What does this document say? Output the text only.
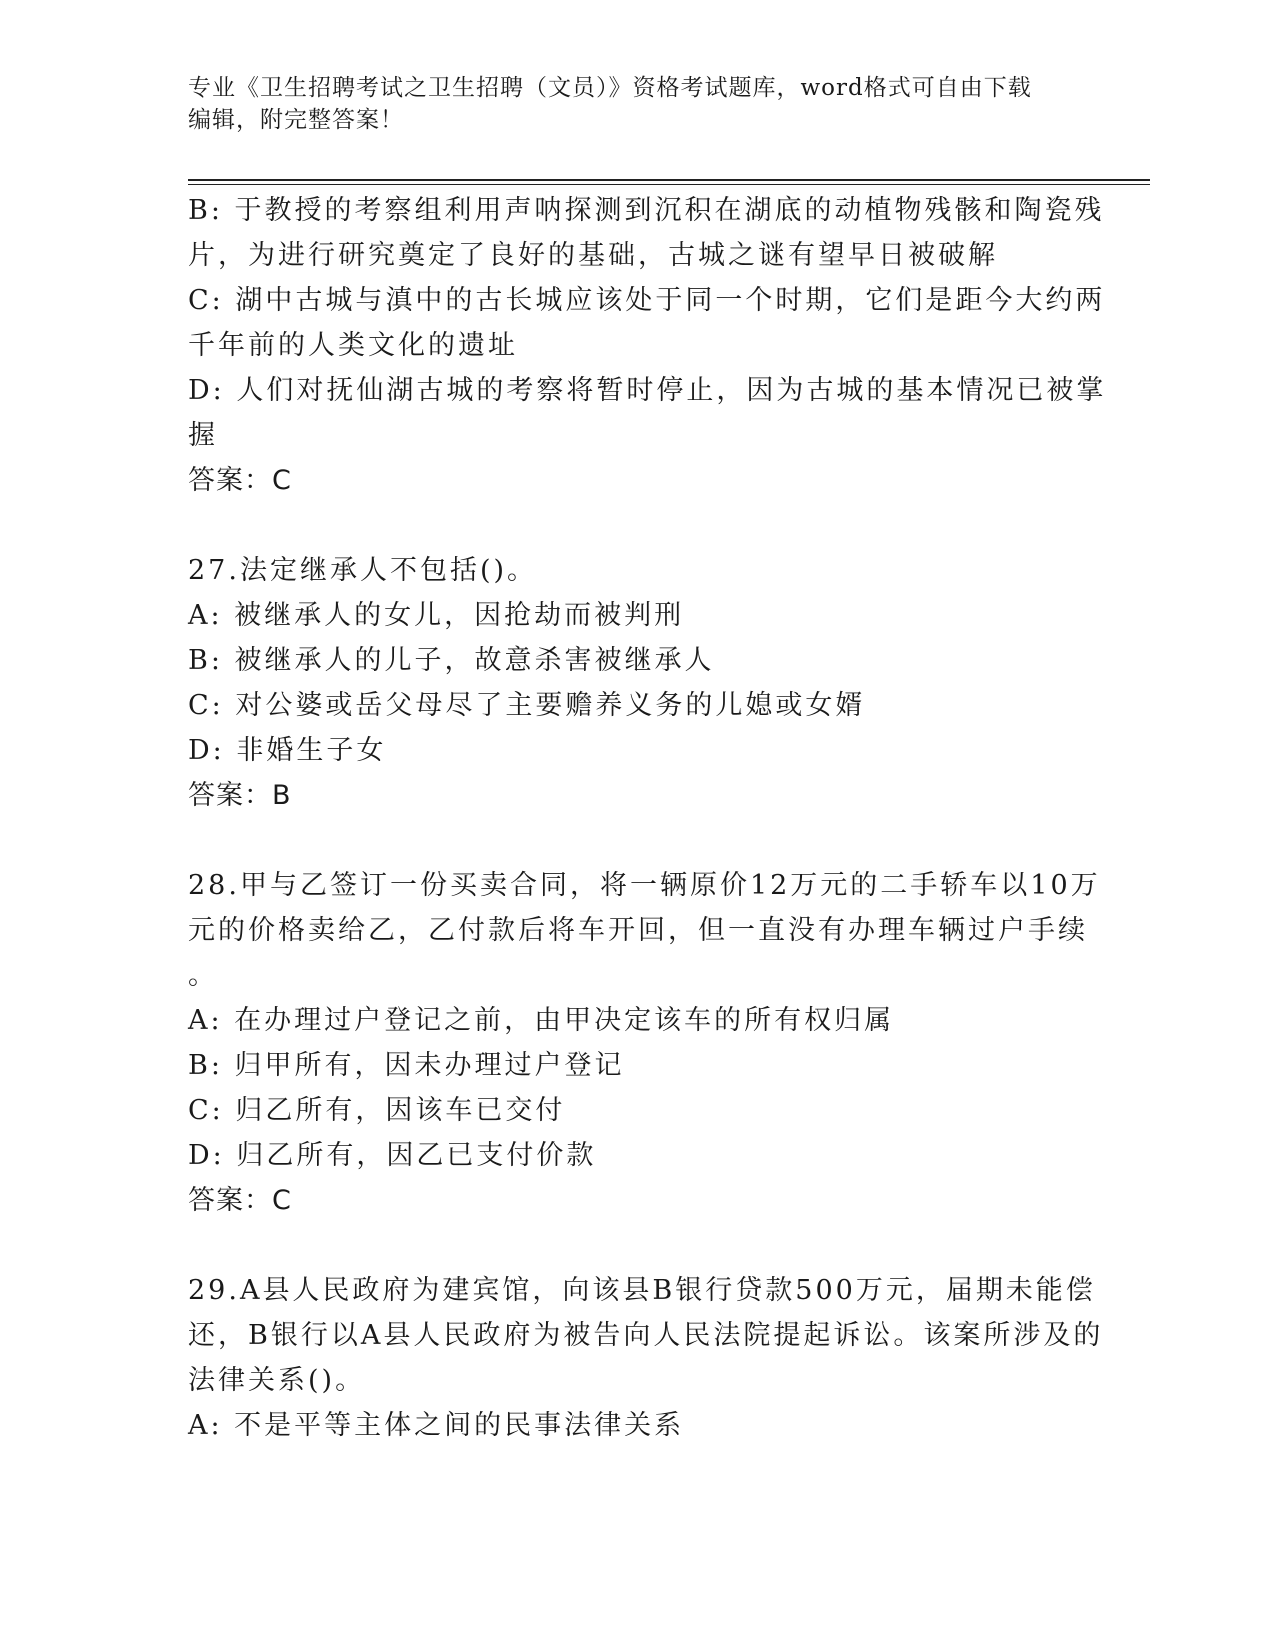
专业《卫生招聘考试之卫生招聘（文员）》资格考试题库，word格式可自由下载
编辑，附完整答案！
B: 于教授的考察组利用声呐探测到沉积在湖底的动植物残骸和陶瓷残
片，为进行研究奠定了良好的基础，古城之谜有望早日被破解
C: 湖中古城与滇中的古长城应该处于同一个时期，它们是距今大约两
千年前的人类文化的遗址
D: 人们对抚仙湖古城的考察将暂时停止，因为古城的基本情况已被掌
握
答案：C
27.法定继承人不包括()。
A: 被继承人的女儿，因抢劫而被判刑
B: 被继承人的儿子，故意杀害被继承人
C: 对公婆或岳父母尽了主要赡养义务的儿媳或女婿
D: 非婚生子女
答案：B
28.甲与乙签订一份买卖合同，将一辆原价12万元的二手轿车以10万
元的价格卖给乙，乙付款后将车开回，但一直没有办理车辆过户手续
。
A: 在办理过户登记之前，由甲决定该车的所有权归属
B: 归甲所有，因未办理过户登记
C: 归乙所有，因该车已交付
D: 归乙所有，因乙已支付价款
答案：C
29.A县人民政府为建宾馆，向该县B银行贷款500万元，届期未能偿
还，B银行以A县人民政府为被告向人民法院提起诉讼。该案所涉及的
法律关系()。
A: 不是平等主体之间的民事法律关系
